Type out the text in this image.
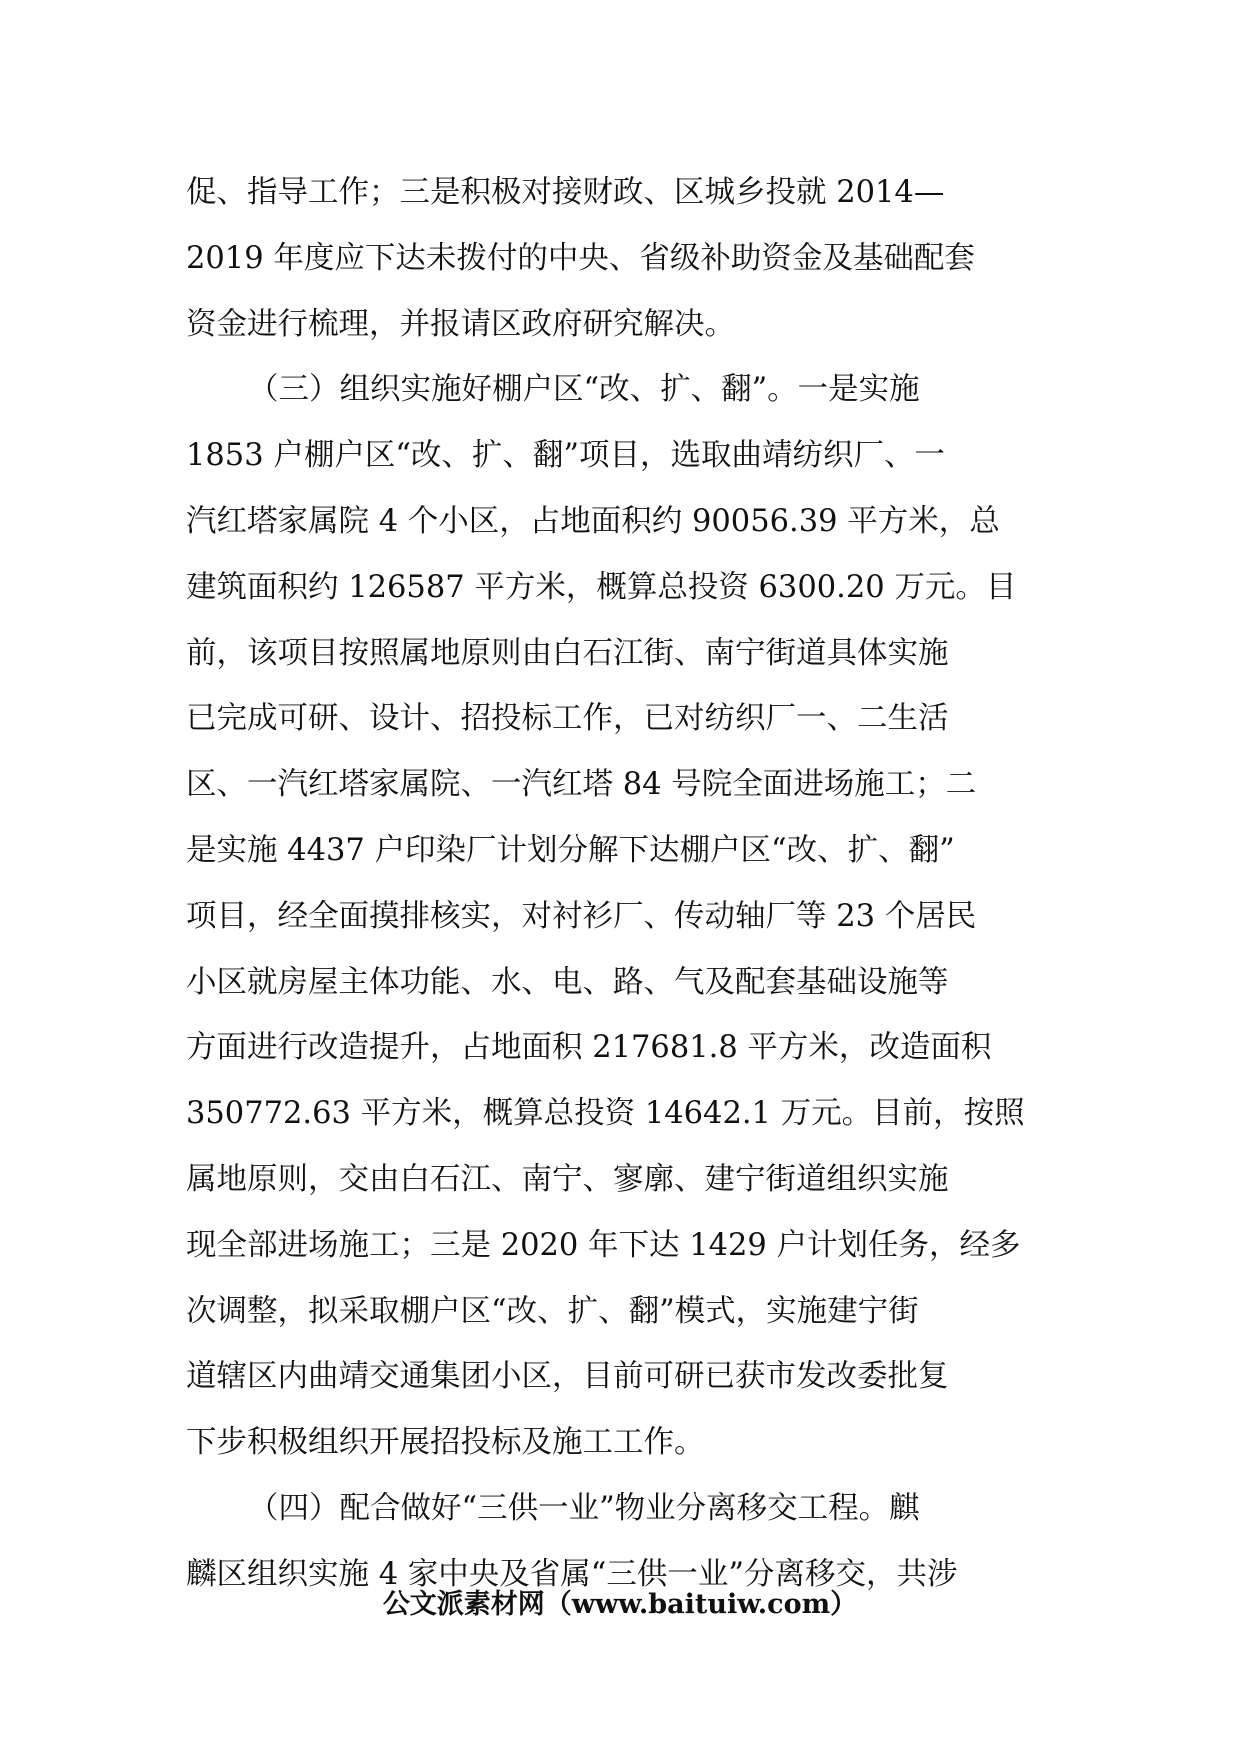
促、指导工作；三是积极对接财政、区城乡投就 2014—
2019 年度应下达未拨付的中央、省级补助资金及基础配套
资金进行梳理，并报请区政府研究解决。
（三）组织实施好棚户区“改、扩、翻”。一是实施
1853 户棚户区“改、扩、翻”项目，选取曲靖纺织厂、一
汽红塔家属院 4 个小区，占地面积约 90056.39 平方米，总
建筑面积约 126587 平方米，概算总投资 6300.20 万元。目
前，该项目按照属地原则由白石江街、南宁街道具体实施
已完成可研、设计、招投标工作，已对纺织厂一、二生活
区、一汽红塔家属院、一汽红塔 84 号院全面进场施工；二
是实施 4437 户印染厂计划分解下达棚户区“改、扩、翻”
项目，经全面摸排核实，对衬衫厂、传动轴厂等 23 个居民
小区就房屋主体功能、水、电、路、气及配套基础设施等
方面进行改造提升，占地面积 217681.8 平方米，改造面积
350772.63 平方米，概算总投资 14642.1 万元。目前，按照
属地原则，交由白石江、南宁、寥廓、建宁街道组织实施
现全部进场施工；三是 2020 年下达 1429 户计划任务，经多
次调整，拟采取棚户区“改、扩、翻”模式，实施建宁街
道辖区内曲靖交通集团小区，目前可研已获市发改委批复
下步积极组织开展招投标及施工工作。
（四）配合做好“三供一业”物业分离移交工程。麒
麟区组织实施 4 家中央及省属“三供一业”分离移交，共涉
公文派素材网（www.baituiw.com）
